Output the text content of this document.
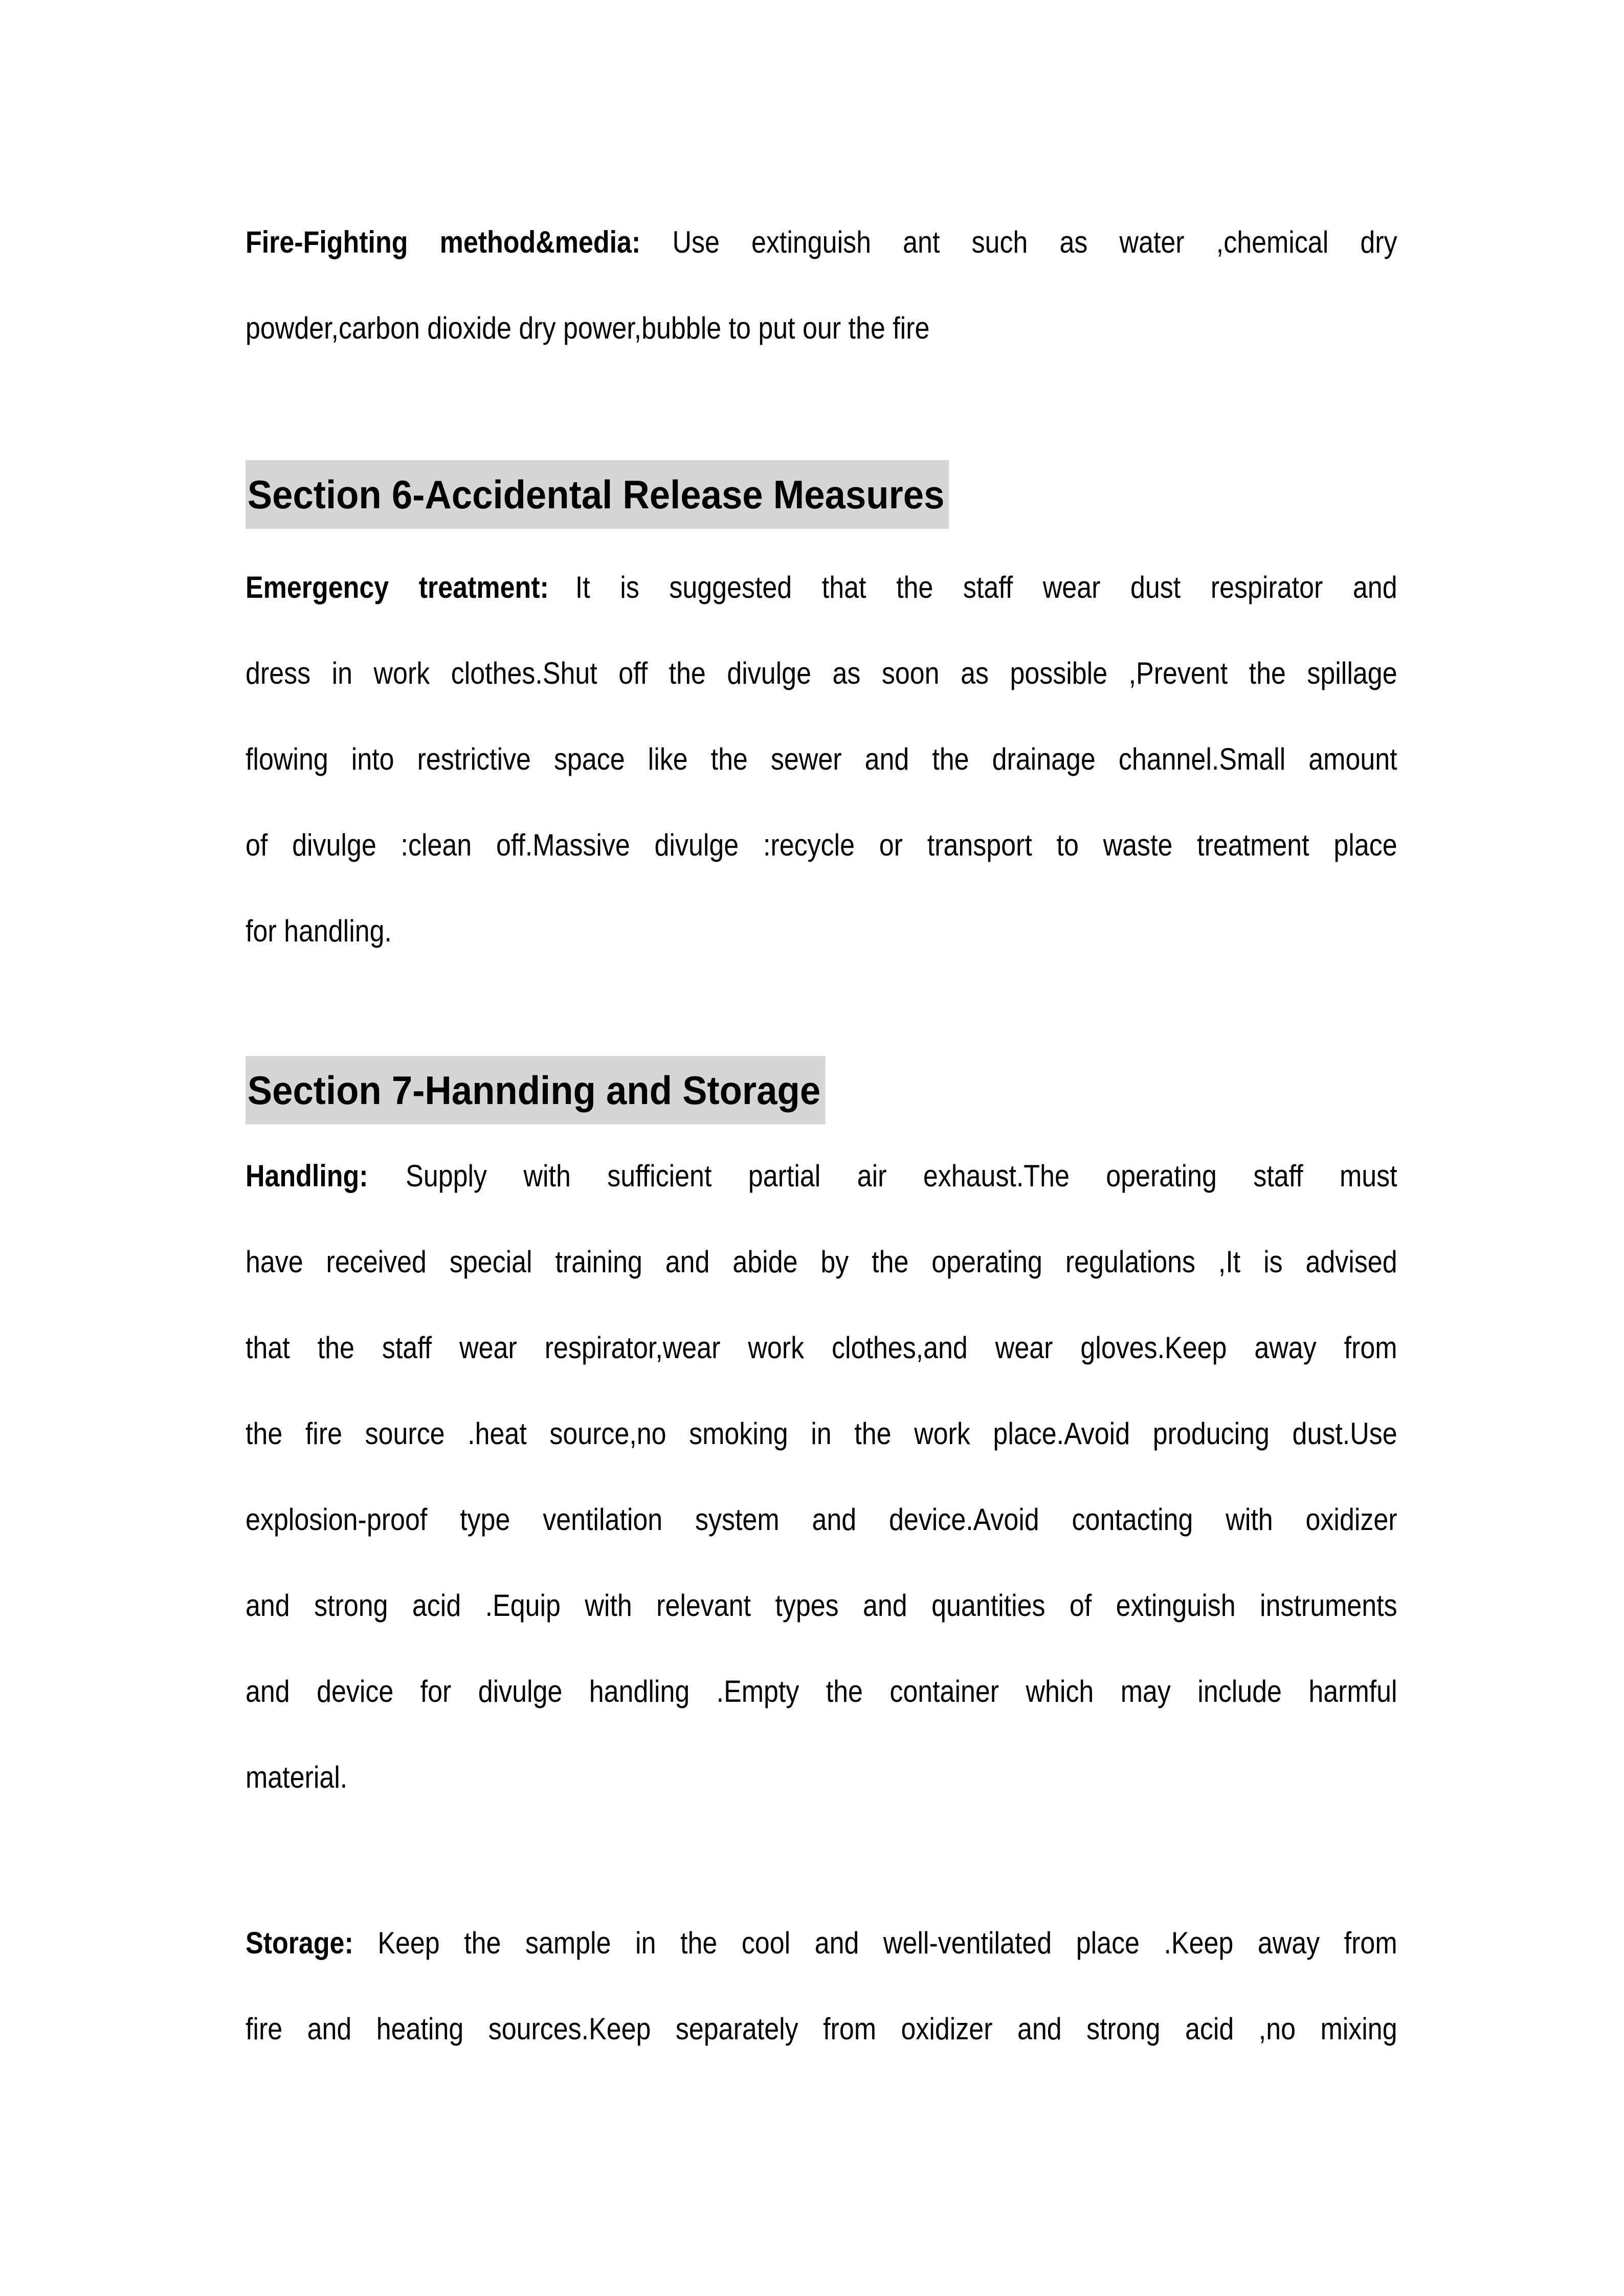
Fire-Fighting method&media: Use extinguish ant such as water ,chemical dry
powder,carbon dioxide dry power,bubble to put our the fire
Section 6-Accidental Release Measures
Emergency treatment: It is suggested that the staff wear dust respirator and
dress in work clothes.Shut off the divulge as soon as possible ,Prevent the spillage
flowing into restrictive space like the sewer and the drainage channel.Small amount
of divulge :clean off.Massive divulge :recycle or transport to waste treatment place
for handling.
Section 7-Hannding and Storage
Handling: Supply with sufficient partial air exhaust.The operating staff must
have received special training and abide by the operating regulations ,It is advised
that the staff wear respirator,wear work clothes,and wear gloves.Keep away from
the fire source .heat source,no smoking in the work place.Avoid producing dust.Use
explosion-proof type ventilation system and device.Avoid contacting with oxidizer
and strong acid .Equip with relevant types and quantities of extinguish instruments
and device for divulge handling .Empty the container which may include harmful
material.
Storage: Keep the sample in the cool and well-ventilated place .Keep away from
fire and heating sources.Keep separately from oxidizer and strong acid ,no mixing
